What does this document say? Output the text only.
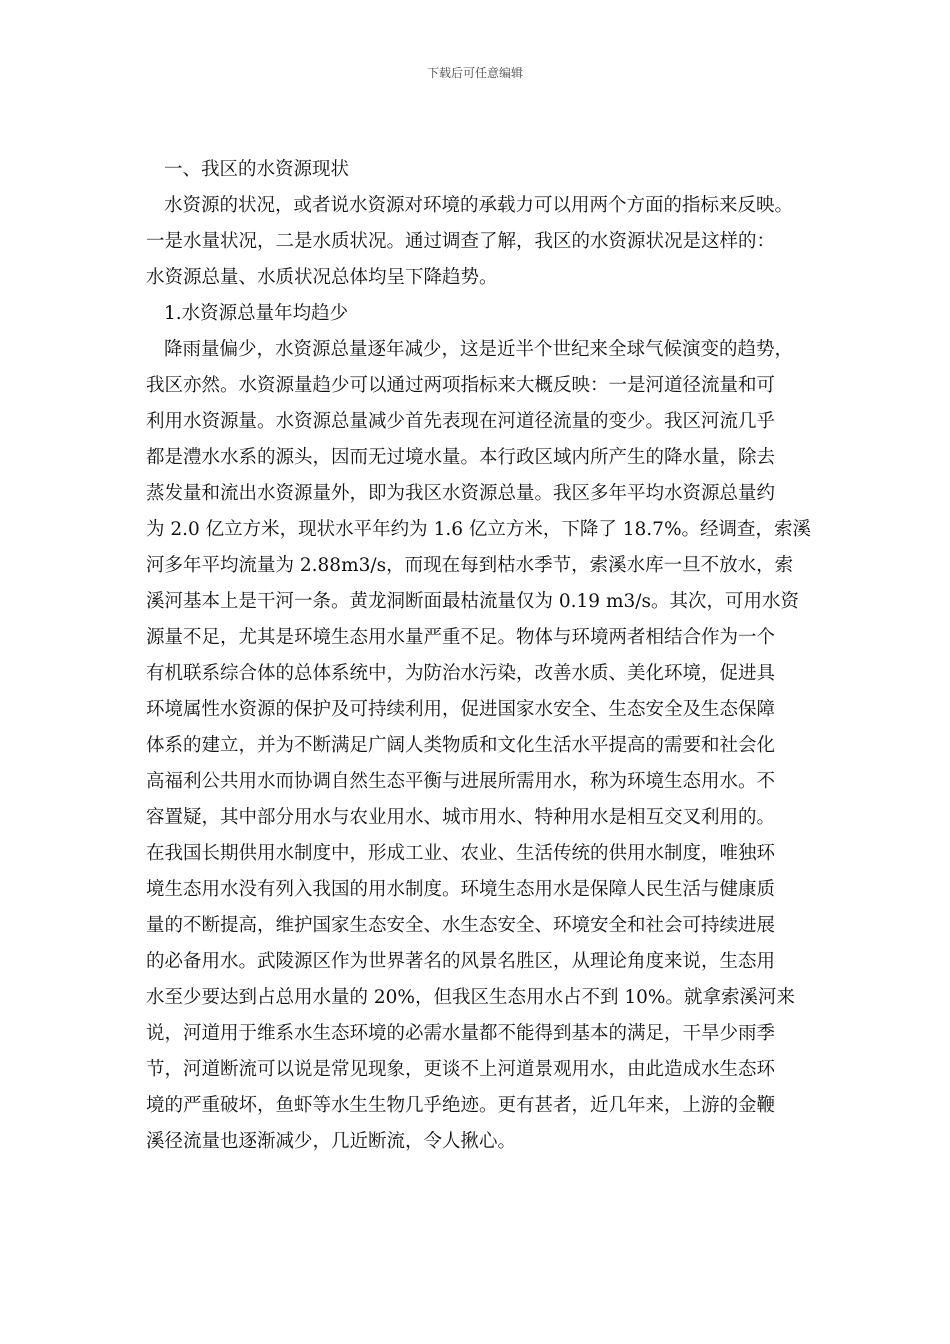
下载后可任意编辑
一、我区的水资源现状
水资源的状况，或者说水资源对环境的承载力可以用两个方面的指标来反映。
一是水量状况，二是水质状况。通过调查了解，我区的水资源状况是这样的：
水资源总量、水质状况总体均呈下降趋势。
1.水资源总量年均趋少
降雨量偏少，水资源总量逐年减少，这是近半个世纪来全球气候演变的趋势，
我区亦然。水资源量趋少可以通过两项指标来大概反映：一是河道径流量和可
利用水资源量。水资源总量减少首先表现在河道径流量的变少。我区河流几乎
都是澧水水系的源头，因而无过境水量。本行政区域内所产生的降水量，除去
蒸发量和流出水资源量外，即为我区水资源总量。我区多年平均水资源总量约
为 2.0 亿立方米，现状水平年约为 1.6 亿立方米，下降了 18.7%。经调查，索溪
河多年平均流量为 2.88m3/s，而现在每到枯水季节，索溪水库一旦不放水，索
溪河基本上是干河一条。黄龙洞断面最枯流量仅为 0.19 m3/s。其次，可用水资
源量不足，尤其是环境生态用水量严重不足。物体与环境两者相结合作为一个
有机联系综合体的总体系统中，为防治水污染，改善水质、美化环境，促进具
环境属性水资源的保护及可持续利用，促进国家水安全、生态安全及生态保障
体系的建立，并为不断满足广阔人类物质和文化生活水平提高的需要和社会化
高福利公共用水而协调自然生态平衡与进展所需用水，称为环境生态用水。不
容置疑，其中部分用水与农业用水、城市用水、特种用水是相互交叉利用的。
在我国长期供用水制度中，形成工业、农业、生活传统的供用水制度，唯独环
境生态用水没有列入我国的用水制度。环境生态用水是保障人民生活与健康质
量的不断提高，维护国家生态安全、水生态安全、环境安全和社会可持续进展
的必备用水。武陵源区作为世界著名的风景名胜区，从理论角度来说，生态用
水至少要达到占总用水量的 20%，但我区生态用水占不到 10%。就拿索溪河来
说，河道用于维系水生态环境的必需水量都不能得到基本的满足，干旱少雨季
节，河道断流可以说是常见现象，更谈不上河道景观用水，由此造成水生态环
境的严重破坏，鱼虾等水生生物几乎绝迹。更有甚者，近几年来，上游的金鞭
溪径流量也逐渐减少，几近断流，令人揪心。
